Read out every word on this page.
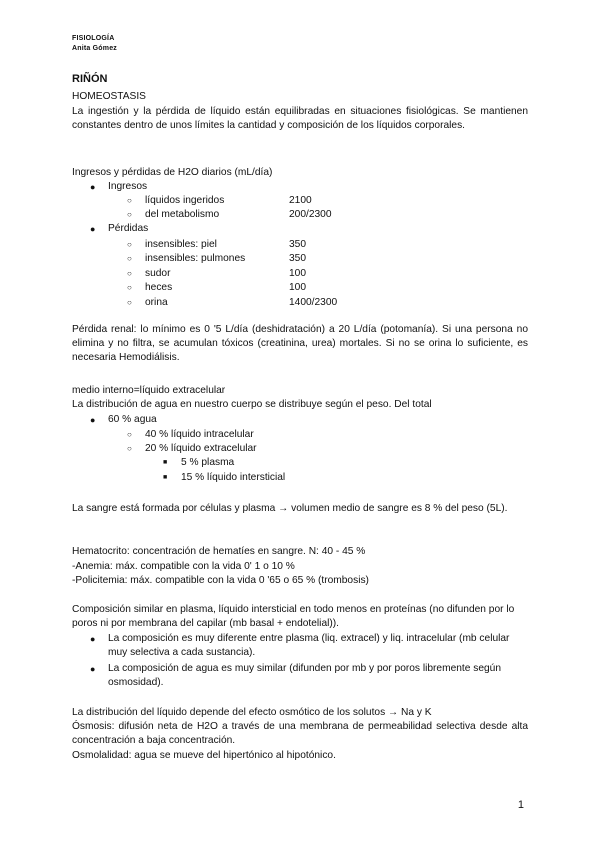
FISIOLOGÍA
Anita Gómez
RIÑÓN
HOMEOSTASIS

La ingestión y la pérdida de líquido están equilibradas en situaciones fisiológicas. Se mantienen constantes dentro de unos límites la cantidad y composición de los líquidos corporales.

Ingresos y pérdidas de H2O diarios (mL/día)
● Ingresos
○ líquidos ingeridos	2100
○ del metabolismo	200/2300
● Pérdidas
○ insensibles: piel	350
○ insensibles: pulmones	350
○ sudor	100
○ heces	100
○ orina	1400/2300

Pérdida renal: lo mínimo es 0 '5 L/día (deshidratación) a 20 L/día (potomanía). Si una persona no elimina y no filtra, se acumulan tóxicos (creatinina, urea) mortales. Si no se orina lo suficiente, es necesaria Hemodiálisis.

medio interno=líquido extracelular
La distribución de agua en nuestro cuerpo se distribuye según el peso. Del total
● 60 % agua
○ 40 % líquido intracelular
○ 20 % líquido extracelular
■ 5 % plasma
■ 15 % líquido intersticial

La sangre está formada por células y plasma → volumen medio de sangre es 8 % del peso (5L).

Hematocrito: concentración de hematíes en sangre. N: 40 - 45 %
-Anemia: máx. compatible con la vida 0' 1 o 10 %
-Policitemia: máx. compatible con la vida 0 '65 o 65 % (trombosis)

Composición similar en plasma, líquido intersticial en todo menos en proteínas (no difunden por lo poros ni por membrana del capilar (mb basal + endotelial)).

● La composición es muy diferente entre plasma (liq. extracel) y liq. intracelular (mb celular muy selectiva a cada sustancia).

● La composición de agua es muy similar (difunden por mb y por poros libremente según osmosidad).

La distribución del líquido depende del efecto osmótico de los solutos → Na y K

Ósmosis: difusión neta de H2O a través de una membrana de permeabilidad selectiva desde alta concentración a baja concentración.

Osmolalidad: agua se mueve del hipertónico al hipotónico.
1
